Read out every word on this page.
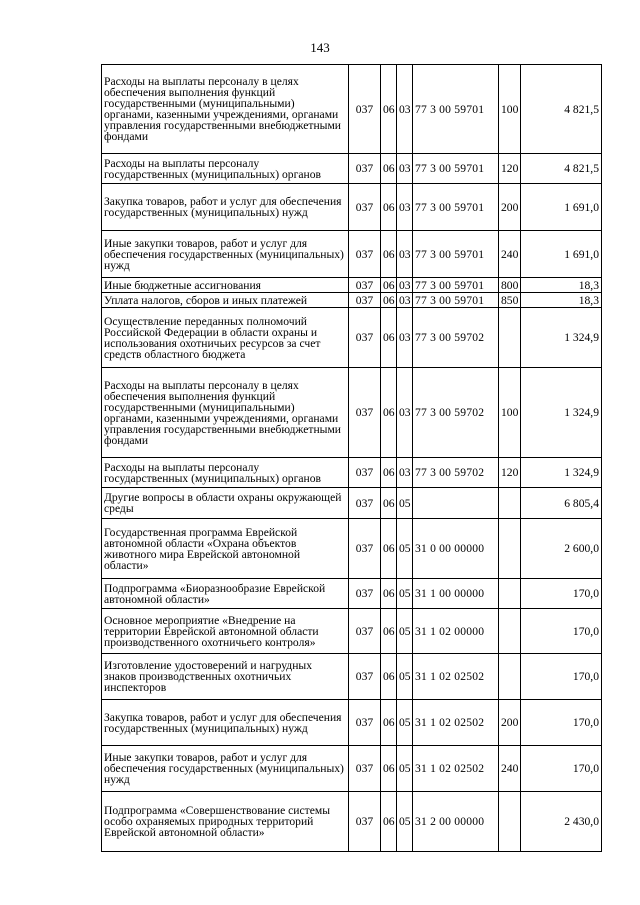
143
Расходы на выплаты персоналу в целях обеспечения выполнения функций государственными (муниципальными) органами, казенными учреждениями, органами управления государственными внебюджетными фондами	037	06	03	77 3 00 59701	100	4 821,5
Расходы на выплаты персоналу государственных (муниципальных) органов	037	06	03	77 3 00 59701	120	4 821,5
Закупка товаров, работ и услуг для обеспечения государственных (муниципальных) нужд	037	06	03	77 3 00 59701	200	1 691,0
Иные закупки товаров, работ и услуг для обеспечения государственных (муниципальных) нужд	037	06	03	77 3 00 59701	240	1 691,0
Иные бюджетные ассигнования	037	06	03	77 3 00 59701	800	18,3
Уплата налогов, сборов и иных платежей	037	06	03	77 3 00 59701	850	18,3
Осуществление переданных полномочий Российской Федерации в области охраны и использования охотничьих ресурсов за счет средств областного бюджета	037	06	03	77 3 00 59702		1 324,9
Расходы на выплаты персоналу в целях обеспечения выполнения функций государственными (муниципальными) органами, казенными учреждениями, органами управления государственными внебюджетными фондами	037	06	03	77 3 00 59702	100	1 324,9
Расходы на выплаты персоналу государственных (муниципальных) органов	037	06	03	77 3 00 59702	120	1 324,9
Другие вопросы в области охраны окружающей среды	037	06	05			6 805,4
Государственная программа Еврейской автономной области «Охрана объектов животного мира Еврейской автономной области»	037	06	05	31 0 00 00000		2 600,0
Подпрограмма «Биоразнообразие Еврейской автономной области»	037	06	05	31 1 00 00000		170,0
Основное мероприятие «Внедрение на территории Еврейской автономной области производственного охотничьего контроля»	037	06	05	31 1 02 00000		170,0
Изготовление удостоверений и нагрудных знаков производственных охотничьих инспекторов	037	06	05	31 1 02 02502		170,0
Закупка товаров, работ и услуг для обеспечения государственных (муниципальных) нужд	037	06	05	31 1 02 02502	200	170,0
Иные закупки товаров, работ и услуг для обеспечения государственных (муниципальных) нужд	037	06	05	31 1 02 02502	240	170,0
Подпрограмма «Совершенствование системы особо охраняемых природных территорий Еврейской автономной области»	037	06	05	31 2 00 00000		2 430,0
